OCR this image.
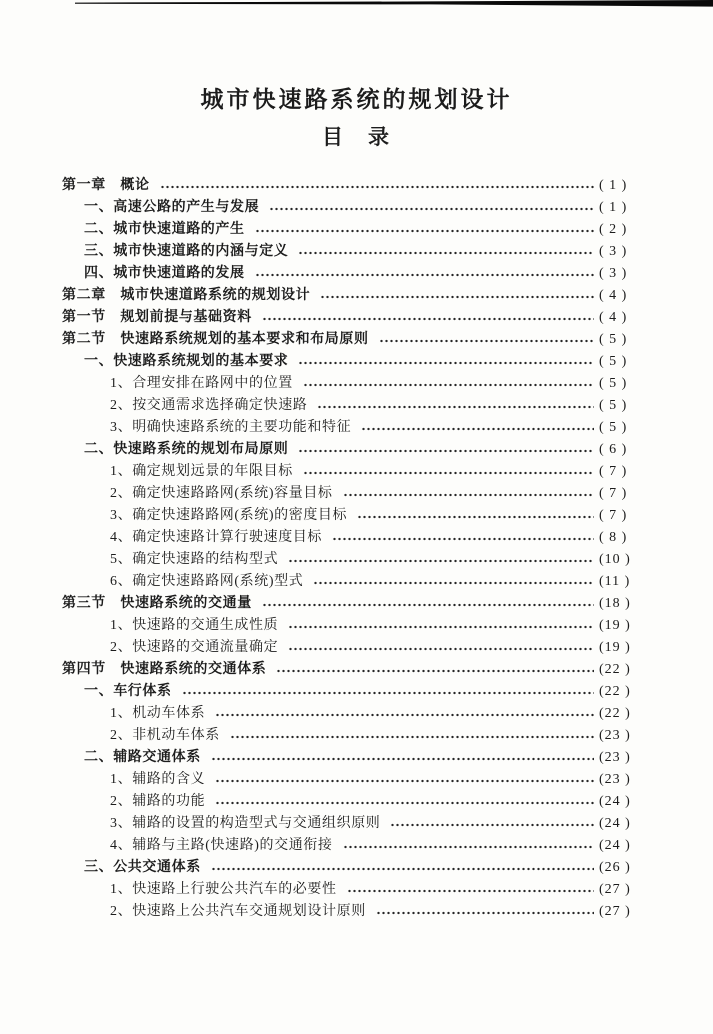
城市快速路系统的规划设计
目　录
第一章　概论	( 1 )
一、高速公路的产生与发展	( 1 )
二、城市快速道路的产生	( 2 )
三、城市快速道路的内涵与定义	( 3 )
四、城市快速道路的发展	( 3 )
第二章　城市快速道路系统的规划设计	( 4 )
第一节　规划前提与基础资料	( 4 )
第二节　快速路系统规划的基本要求和布局原则	( 5 )
一、快速路系统规划的基本要求	( 5 )
1、合理安排在路网中的位置	( 5 )
2、按交通需求选择确定快速路	( 5 )
3、明确快速路系统的主要功能和特征	( 5 )
二、快速路系统的规划布局原则	( 6 )
1、确定规划远景的年限目标	( 7 )
2、确定快速路路网(系统)容量目标	( 7 )
3、确定快速路路网(系统)的密度目标	( 7 )
4、确定快速路计算行驶速度目标	( 8 )
5、确定快速路的结构型式	(10 )
6、确定快速路路网(系统)型式	(11 )
第三节　快速路系统的交通量	(18 )
1、快速路的交通生成性质	(19 )
2、快速路的交通流量确定	(19 )
第四节　快速路系统的交通体系	(22 )
一、车行体系	(22 )
1、机动车体系	(22 )
2、非机动车体系	(23 )
二、辅路交通体系	(23 )
1、辅路的含义	(23 )
2、辅路的功能	(24 )
3、辅路的设置的构造型式与交通组织原则	(24 )
4、辅路与主路(快速路)的交通衔接	(24 )
三、公共交通体系	(26 )
1、快速路上行驶公共汽车的必要性	(27 )
2、快速路上公共汽车交通规划设计原则	(27 )
